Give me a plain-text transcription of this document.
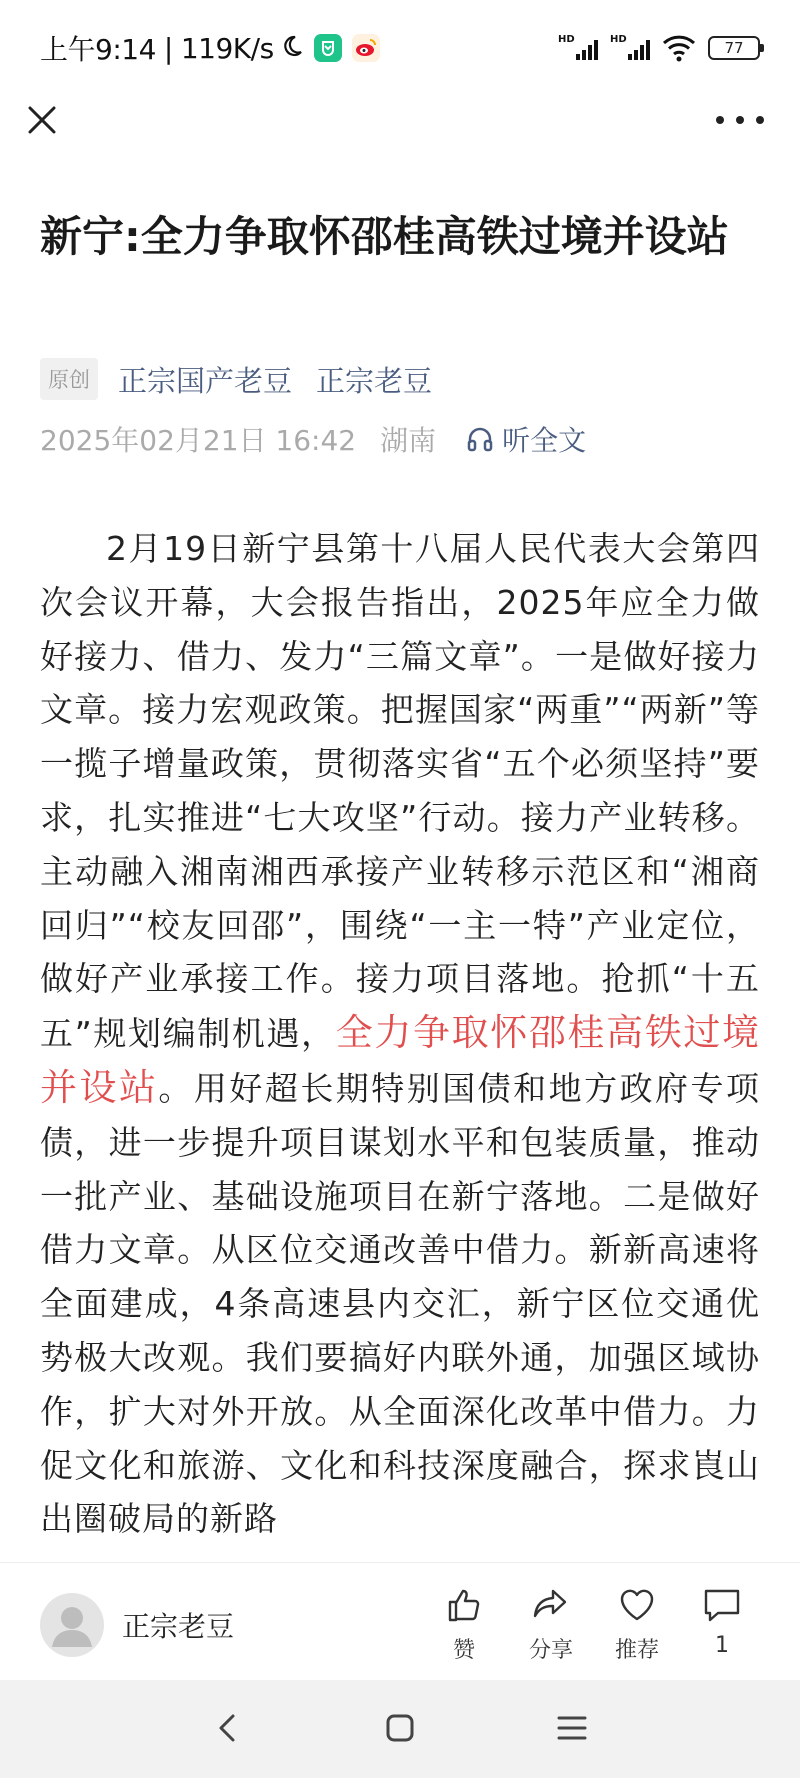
上午9:14 | 119K/s	HD	HD	77
新宁:全力争取怀邵桂高铁过境并设站
原创 正宗国产老豆 正宗老豆
2025年02月21日 16:42 湖南 听全文
2月19日新宁县第十八届人民代表大会第四次会议开幕，大会报告指出，2025年应全力做好接力、借力、发力“三篇文章”。一是做好接力文章。接力宏观政策。把握国家“两重”“两新”等一揽子增量政策，贯彻落实省“五个必须坚持”要求，扎实推进“七大攻坚”行动。接力产业转移。主动融入湘南湘西承接产业转移示范区和“湘商回归”“校友回邵”，围绕“一主一特”产业定位，做好产业承接工作。接力项目落地。抢抓“十五五”规划编制机遇，全力争取怀邵桂高铁过境并设站。用好超长期特别国债和地方政府专项债，进一步提升项目谋划水平和包装质量，推动一批产业、基础设施项目在新宁落地。二是做好借力文章。从区位交通改善中借力。新新高速将全面建成，4条高速县内交汇，新宁区位交通优势极大改观。我们要搞好内联外通，加强区域协作，扩大对外开放。从全面深化改革中借力。力促文化和旅游、文化和科技深度融合，探求崀山出圈破局的新路
正宗老豆
赞	分享	推荐	1
